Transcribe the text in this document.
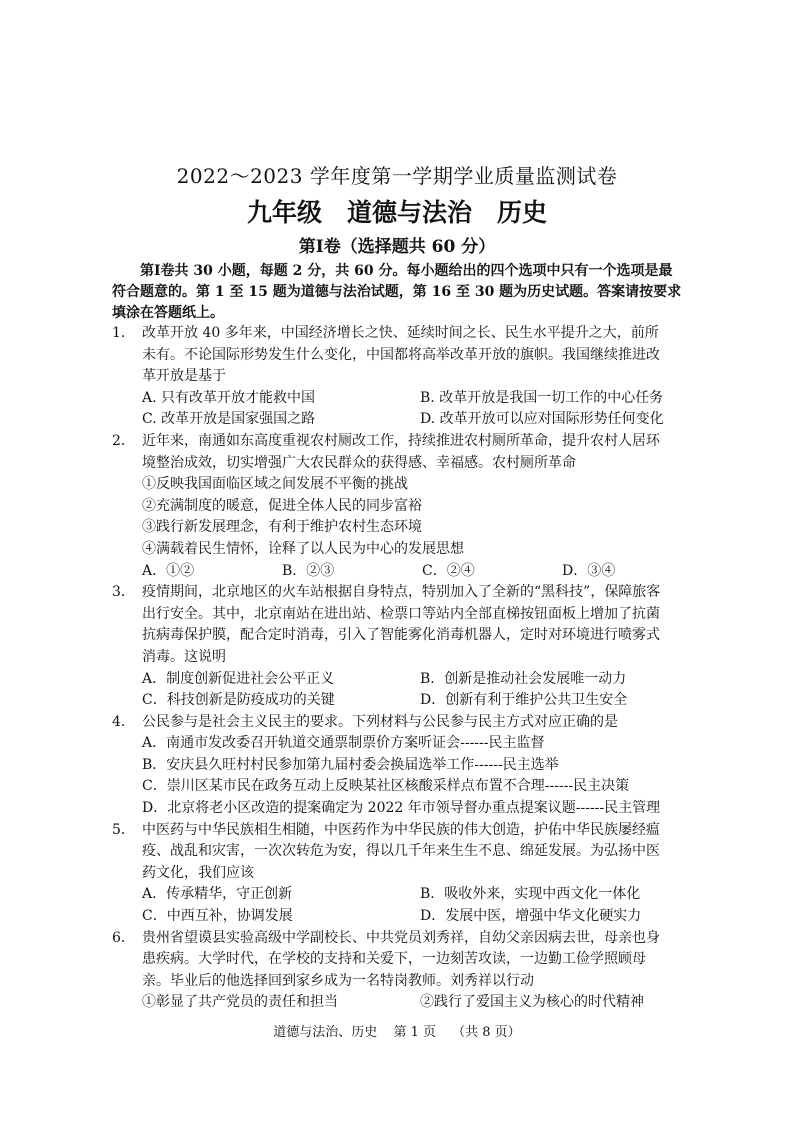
2022～2023 学年度第一学期学业质量监测试卷
九年级　道德与法治　历史
第Ⅰ卷（选择题共 60 分）
第Ⅰ卷共 30 小题，每题 2 分，共 60 分。每小题给出的四个选项中只有一个选项是最符合题意的。第 1 至 15 题为道德与法治试题，第 16 至 30 题为历史试题。答案请按要求填涂在答题纸上。
1． 改革开放 40 多年来，中国经济增长之快、延续时间之长、民生水平提升之大，前所未有。不论国际形势发生什么变化，中国都将高举改革开放的旗帜。我国继续推进改革开放是基于
A. 只有改革开放才能救中国	B. 改革开放是我国一切工作的中心任务
C. 改革开放是国家强国之路	D. 改革开放可以应对国际形势任何变化
2． 近年来，南通如东高度重视农村厕改工作，持续推进农村厕所革命，提升农村人居环境整治成效，切实增强广大农民群众的获得感、幸福感。农村厕所革命
①反映我国面临区域之间发展不平衡的挑战
②充满制度的暖意，促进全体人民的同步富裕
③践行新发展理念，有利于维护农村生态环境
④满载着民生情怀，诠释了以人民为中心的发展思想
A．①②	B．②③	C．②④	D．③④
3． 疫情期间，北京地区的火车站根据自身特点，特别加入了全新的“黑科技”，保障旅客出行安全。其中，北京南站在进出站、检票口等站内全部直梯按钮面板上增加了抗菌抗病毒保护膜，配合定时消毒，引入了智能雾化消毒机器人，定时对环境进行喷雾式消毒。这说明
A．制度创新促进社会公平正义	B．创新是推动社会发展唯一动力
C．科技创新是防疫成功的关键	D．创新有利于维护公共卫生安全
4． 公民参与是社会主义民主的要求。下列材料与公民参与民主方式对应正确的是
A．南通市发改委召开轨道交通票制票价方案听证会------民主监督
B．安庆县久旺村村民参加第九届村委会换届选举工作------民主选举
C．崇川区某市民在政务互动上反映某社区核酸采样点布置不合理------民主决策
D．北京将老小区改造的提案确定为 2022 年市领导督办重点提案议题------民主管理
5． 中医药与中华民族相生相随，中医药作为中华民族的伟大创造，护佑中华民族屡经瘟疫、战乱和灾害，一次次转危为安，得以几千年来生生不息、绵延发展。为弘扬中医药文化，我们应该
A．传承精华，守正创新	B．吸收外来，实现中西文化一体化
C．中西互补，协调发展	D．发展中医，增强中华文化硬实力
6． 贵州省望谟县实验高级中学副校长、中共党员刘秀祥，自幼父亲因病去世，母亲也身患疾病。大学时代，在学校的支持和关爱下，一边刻苦攻读，一边勤工俭学照顾母亲。毕业后的他选择回到家乡成为一名特岗教师。刘秀祥以行动
①彰显了共产党员的责任和担当	②践行了爱国主义为核心的时代精神
道德与法治、历史 第 1 页 （共 8 页）
